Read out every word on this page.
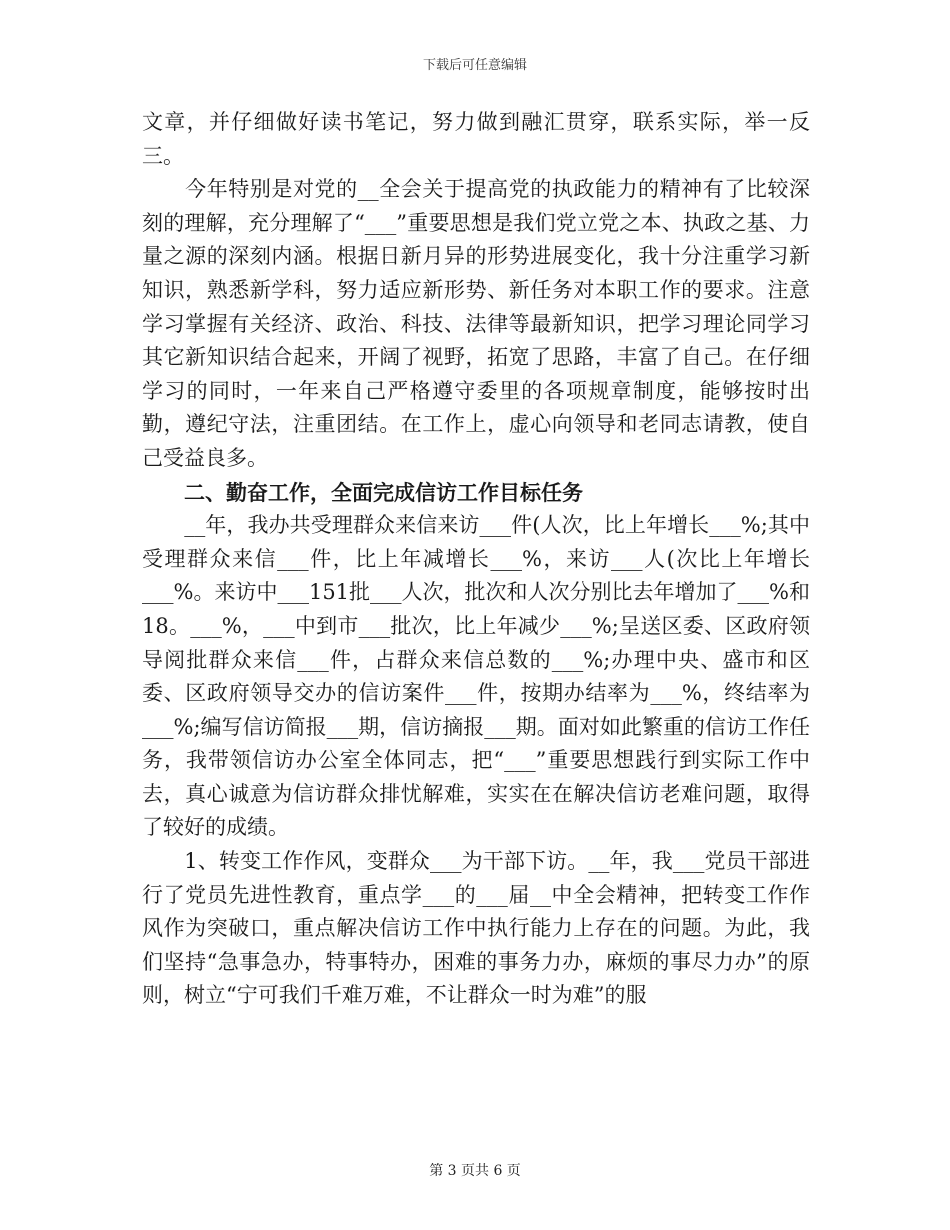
下载后可任意编辑

文章，并仔细做好读书笔记，努力做到融汇贯穿，联系实际，举一反三。

　　今年特别是对党的__全会关于提高党的执政能力的精神有了比较深刻的理解，充分理解了“___”重要思想是我们党立党之本、执政之基、力量之源的深刻内涵。根据日新月异的形势进展变化，我十分注重学习新知识，熟悉新学科，努力适应新形势、新任务对本职工作的要求。注意学习掌握有关经济、政治、科技、法律等最新知识，把学习理论同学习其它新知识结合起来，开阔了视野，拓宽了思路，丰富了自己。在仔细学习的同时，一年来自己严格遵守委里的各项规章制度，能够按时出勤，遵纪守法，注重团结。在工作上，虚心向领导和老同志请教，使自己受益良多。

　　二、勤奋工作，全面完成信访工作目标任务

　　__年，我办共受理群众来信来访___件(人次，比上年增长___%;其中受理群众来信___件，比上年减增长___%，来访___人(次比上年增长___%。来访中___151批___人次，批次和人次分别比去年增加了___%和18。___%，___中到市___批次，比上年减少___%;呈送区委、区政府领导阅批群众来信___件，占群众来信总数的___%;办理中央、盛市和区委、区政府领导交办的信访案件___件，按期办结率为___%，终结率为___%;编写信访简报___期，信访摘报___期。面对如此繁重的信访工作任务，我带领信访办公室全体同志，把“___”重要思想践行到实际工作中去，真心诚意为信访群众排忧解难，实实在在解决信访老难问题，取得了较好的成绩。

　　1、转变工作作风，变群众___为干部下访。__年，我___党员干部进行了党员先进性教育，重点学___的___届__中全会精神，把转变工作作风作为突破口，重点解决信访工作中执行能力上存在的问题。为此，我们坚持“急事急办，特事特办，困难的事务力办，麻烦的事尽力办”的原则，树立“宁可我们千难万难，不让群众一时为难”的服

第 3 页共 6 页
